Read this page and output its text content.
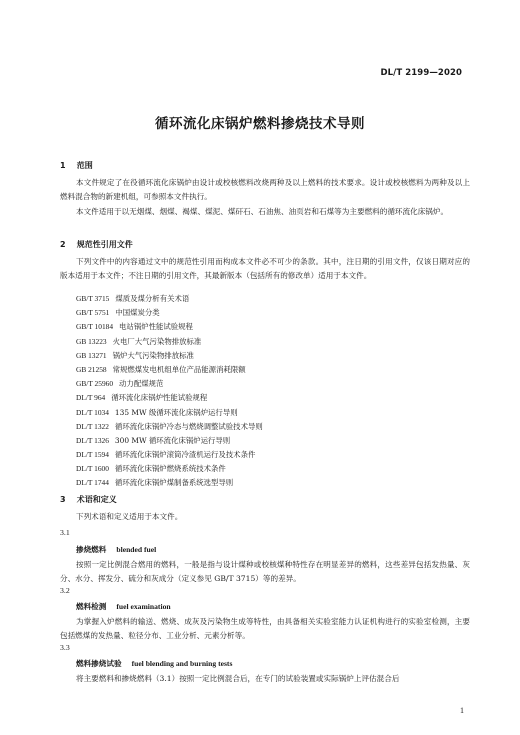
DL/T 2199—2020
循环流化床锅炉燃料掺烧技术导则
1 范围
本文件规定了在役循环流化床锅炉由设计或校核燃料改烧两种及以上燃料的技术要求。设计或校核燃料为两种及以上燃料混合物的新建机组，可参照本文件执行。
本文件适用于以无烟煤、烟煤、褐煤、煤泥、煤矸石、石油焦、油页岩和石煤等为主要燃料的循环流化床锅炉。
2 规范性引用文件
下列文件中的内容通过文中的规范性引用而构成本文件必不可少的条款。其中，注日期的引用文件，仅该日期对应的版本适用于本文件；不注日期的引用文件，其最新版本（包括所有的修改单）适用于本文件。
GB/T 3715 煤质及煤分析有关术语
GB/T 5751 中国煤炭分类
GB/T 10184 电站锅炉性能试验规程
GB 13223 火电厂大气污染物排放标准
GB 13271 锅炉大气污染物排放标准
GB 21258 常规燃煤发电机组单位产品能源消耗限额
GB/T 25960 动力配煤规范
DL/T 964 循环流化床锅炉性能试验规程
DL/T 1034 135 MW 级循环流化床锅炉运行导则
DL/T 1322 循环流化床锅炉冷态与燃烧调整试验技术导则
DL/T 1326 300 MW 循环流化床锅炉运行导则
DL/T 1594 循环流化床锅炉滚筒冷渣机运行及技术条件
DL/T 1600 循环流化床锅炉燃烧系统技术条件
DL/T 1744 循环流化床锅炉煤制备系统选型导则
3 术语和定义
下列术语和定义适用于本文件。
3.1
掺烧燃料 blended fuel
按照一定比例混合燃用的燃料，一般是指与设计煤种或校核煤种特性存在明显差异的燃料，这些差异包括发热量、灰分、水分、挥发分、硫分和灰成分（定义参见 GB/T 3715）等的差异。
3.2
燃料检测 fuel examination
为掌握入炉燃料的输送、燃烧、成灰及污染物生成等特性，由具备相关实验室能力认证机构进行的实验室检测，主要包括燃煤的发热量、粒径分布、工业分析、元素分析等。
3.3
燃料掺烧试验 fuel blending and burning tests
将主要燃料和掺烧燃料（3.1）按照一定比例混合后，在专门的试验装置或实际锅炉上评估混合后
1
